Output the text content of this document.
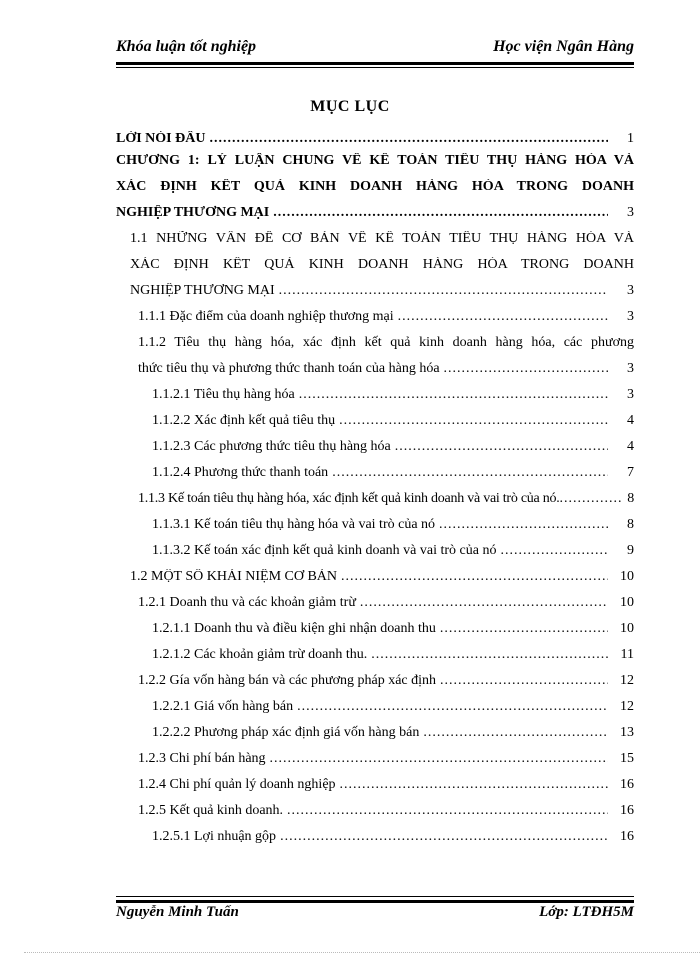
Khóa luận tốt nghiệp	Học viện Ngân Hàng
MỤC LỤC
LỜI NÓI ĐẦU .....	1
CHƯƠNG 1: LÝ LUẬN CHUNG VỀ KẾ TOÁN TIÊU THỤ HÀNG HÓA VÀ
XÁC ĐỊNH KẾT QUẢ KINH DOANH HÀNG HÓA TRONG DOANH
NGHIỆP THƯƠNG MẠI .....	3
1.1 NHỮNG VẤN ĐỀ CƠ BẢN VỀ KẾ TOÁN TIÊU THỤ HÀNG HÓA VÀ
XÁC ĐỊNH KẾT QUẢ KINH DOANH HÀNG HÓA TRONG DOANH
NGHIỆP THƯƠNG MẠI .....	3
1.1.1 Đặc điểm của doanh nghiệp thương mại .....	3
1.1.2 Tiêu thụ hàng hóa, xác định kết quả kinh doanh hàng hóa, các phương
thức tiêu thụ và phương thức thanh toán của hàng hóa .....	3
1.1.2.1 Tiêu thụ hàng hóa .....	3
1.1.2.2 Xác định kết quả tiêu thụ .....	4
1.1.2.3 Các phương thức tiêu thụ hàng hóa .....	4
1.1.2.4 Phương thức thanh toán .....	7
1.1.3 Kế toán tiêu thụ hàng hóa, xác định kết quả kinh doanh và vai trò của nó. .....	8
1.1.3.1 Kế toán tiêu thụ hàng hóa và vai trò của nó .....	8
1.1.3.2 Kế toán xác định kết quả kinh doanh và vai trò của nó .....	9
1.2 MỘT SỐ KHÁI NIỆM CƠ BẢN .....	10
1.2.1 Doanh thu và các khoản giảm trừ .....	10
1.2.1.1 Doanh thu và điều kiện ghi nhận doanh thu .....	10
1.2.1.2 Các khoản giảm trừ doanh thu. .....	11
1.2.2 Gía vốn hàng bán và các phương pháp xác định .....	12
1.2.2.1 Giá vốn hàng bán .....	12
1.2.2.2 Phương pháp xác định giá vốn hàng bán .....	13
1.2.3 Chi phí bán hàng .....	15
1.2.4 Chi phí quản lý doanh nghiệp .....	16
1.2.5 Kết quả kinh doanh. .....	16
1.2.5.1 Lợi nhuận gộp .....	16
Nguyễn Minh Tuấn	Lớp: LTĐH5M
